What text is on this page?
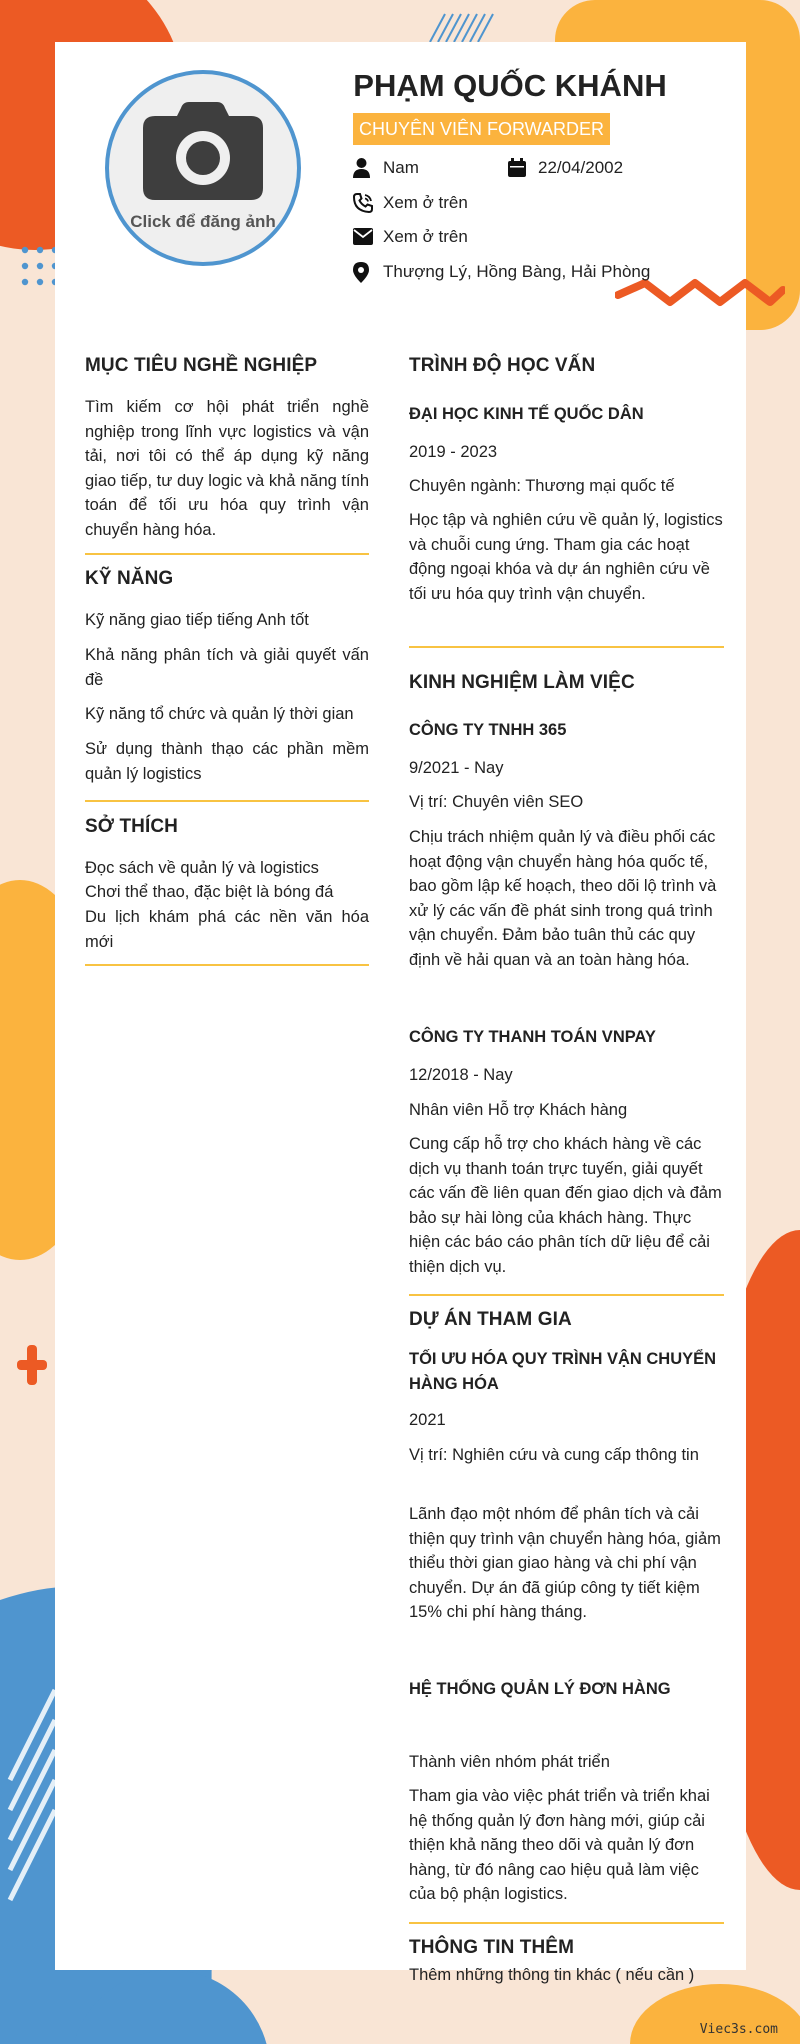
Click để đăng ảnh
PHẠM QUỐC KHÁNH
CHUYÊN VIÊN FORWARDER
Nam	22/04/2002
Xem ở trên
Xem ở trên
Thượng Lý, Hồng Bàng, Hải Phòng
MỤC TIÊU NGHỀ NGHIỆP
Tìm kiếm cơ hội phát triển nghề nghiệp trong lĩnh vực logistics và vận tải, nơi tôi có thể áp dụng kỹ năng giao tiếp, tư duy logic và khả năng tính toán để tối ưu hóa quy trình vận chuyển hàng hóa.
KỸ NĂNG
Kỹ năng giao tiếp tiếng Anh tốt
Khả năng phân tích và giải quyết vấn đề
Kỹ năng tổ chức và quản lý thời gian
Sử dụng thành thạo các phần mềm quản lý logistics
SỞ THÍCH
Đọc sách về quản lý và logistics
Chơi thể thao, đặc biệt là bóng đá
Du lịch khám phá các nền văn hóa mới
TRÌNH ĐỘ HỌC VẤN
ĐẠI HỌC KINH TẾ QUỐC DÂN
2019 - 2023
Chuyên ngành: Thương mại quốc tế
Học tập và nghiên cứu về quản lý, logistics và chuỗi cung ứng. Tham gia các hoạt động ngoại khóa và dự án nghiên cứu về tối ưu hóa quy trình vận chuyển.
KINH NGHIỆM LÀM VIỆC
CÔNG TY TNHH 365
9/2021 - Nay
Vị trí: Chuyên viên SEO
Chịu trách nhiệm quản lý và điều phối các hoạt động vận chuyển hàng hóa quốc tế, bao gồm lập kế hoạch, theo dõi lộ trình và xử lý các vấn đề phát sinh trong quá trình vận chuyển. Đảm bảo tuân thủ các quy định về hải quan và an toàn hàng hóa.
CÔNG TY THANH TOÁN VNPAY
12/2018 - Nay
Nhân viên Hỗ trợ Khách hàng
Cung cấp hỗ trợ cho khách hàng về các dịch vụ thanh toán trực tuyến, giải quyết các vấn đề liên quan đến giao dịch và đảm bảo sự hài lòng của khách hàng. Thực hiện các báo cáo phân tích dữ liệu để cải thiện dịch vụ.
DỰ ÁN THAM GIA
TỐI ƯU HÓA QUY TRÌNH VẬN CHUYỂN HÀNG HÓA
2021
Vị trí: Nghiên cứu và cung cấp thông tin
Lãnh đạo một nhóm để phân tích và cải thiện quy trình vận chuyển hàng hóa, giảm thiểu thời gian giao hàng và chi phí vận chuyển. Dự án đã giúp công ty tiết kiệm 15% chi phí hàng tháng.
HỆ THỐNG QUẢN LÝ ĐƠN HÀNG
Thành viên nhóm phát triển
Tham gia vào việc phát triển và triển khai hệ thống quản lý đơn hàng mới, giúp cải thiện khả năng theo dõi và quản lý đơn hàng, từ đó nâng cao hiệu quả làm việc của bộ phận logistics.
THÔNG TIN THÊM
Thêm những thông tin khác ( nếu cần )
Viec3s.com
